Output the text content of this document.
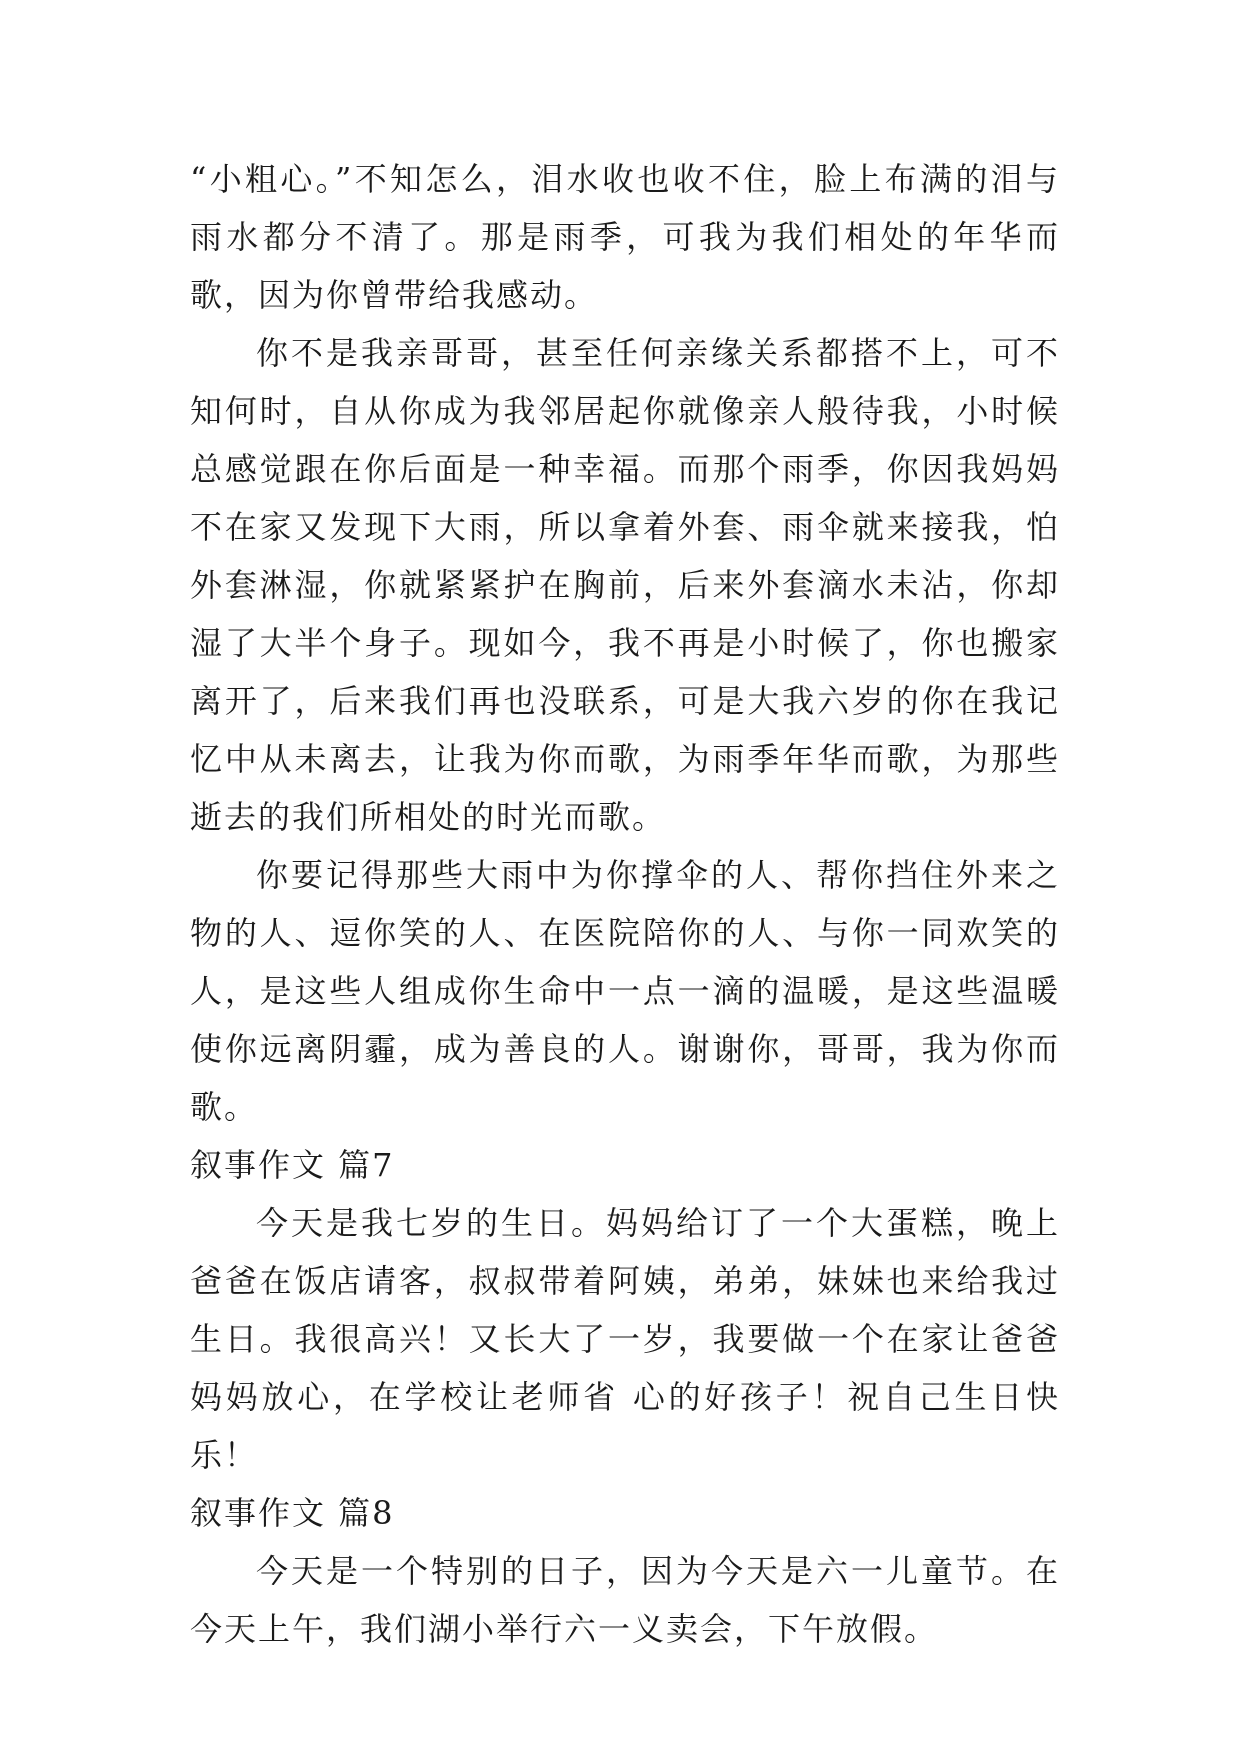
“小粗心。”不知怎么，泪水收也收不住，脸上布满的泪与雨水都分不清了。那是雨季，可我为我们相处的年华而歌，因为你曾带给我感动。

你不是我亲哥哥，甚至任何亲缘关系都搭不上，可不知何时，自从你成为我邻居起你就像亲人般待我，小时候总感觉跟在你后面是一种幸福。而那个雨季，你因我妈妈不在家又发现下大雨，所以拿着外套、雨伞就来接我，怕外套淋湿，你就紧紧护在胸前，后来外套滴水未沾，你却湿了大半个身子。现如今，我不再是小时候了，你也搬家离开了，后来我们再也没联系，可是大我六岁的你在我记忆中从未离去，让我为你而歌，为雨季年华而歌，为那些逝去的我们所相处的时光而歌。

你要记得那些大雨中为你撑伞的人、帮你挡住外来之物的人、逗你笑的人、在医院陪你的人、与你一同欢笑的人，是这些人组成你生命中一点一滴的温暖，是这些温暖使你远离阴霾，成为善良的人。谢谢你，哥哥，我为你而歌。

叙事作文 篇7

今天是我七岁的生日。妈妈给订了一个大蛋糕，晚上爸爸在饭店请客，叔叔带着阿姨，弟弟，妹妹也来给我过生日。我很高兴！又长大了一岁，我要做一个在家让爸爸妈妈放心，在学校让老师省 心的好孩子！祝自己生日快乐！

叙事作文 篇8

今天是一个特别的日子，因为今天是六一儿童节。在今天上午，我们湖小举行六一义卖会，下午放假。
